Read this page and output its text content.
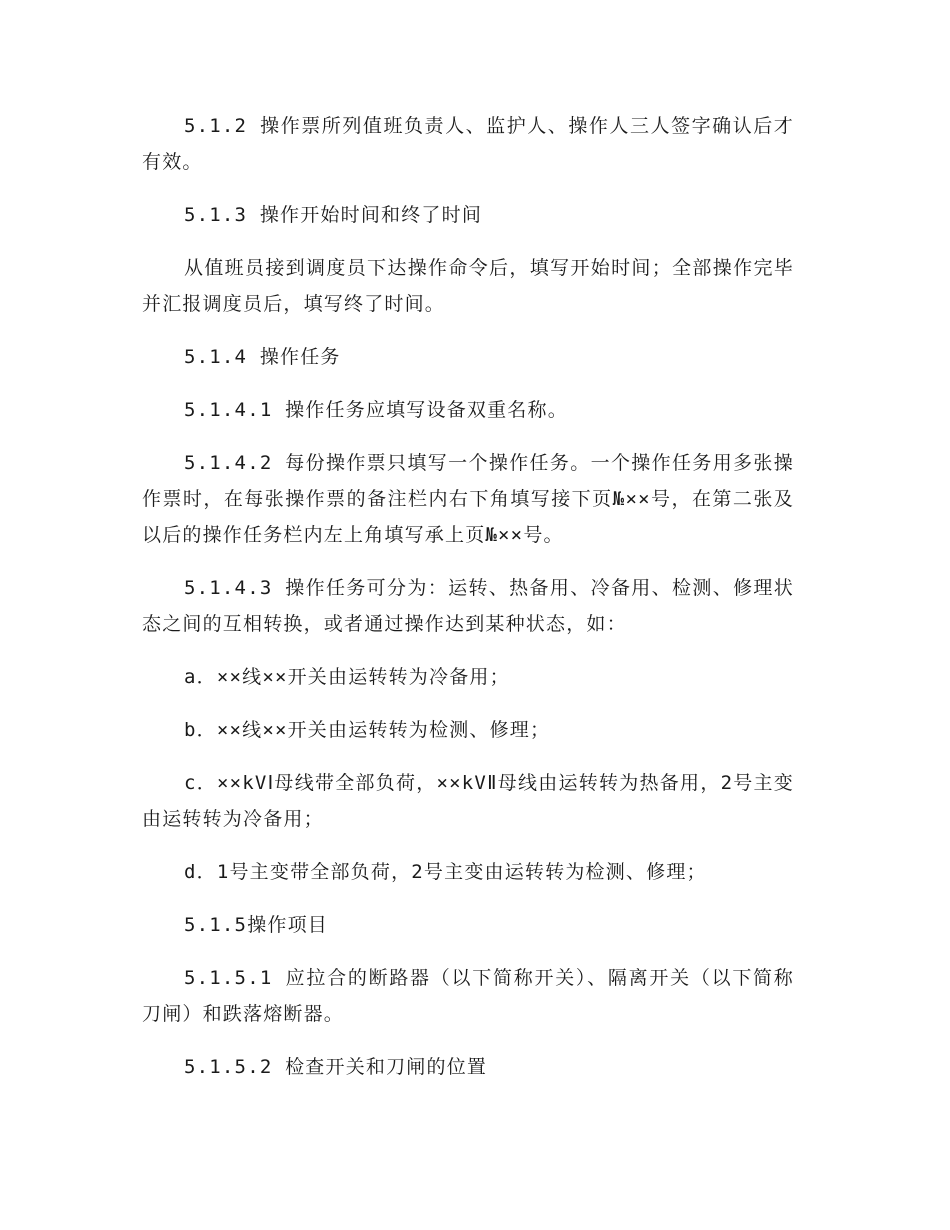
5.1.2 操作票所列值班负责人、监护人、操作人三人签字确认后才有效。

5.1.3 操作开始时间和终了时间

从值班员接到调度员下达操作命令后，填写开始时间；全部操作完毕并汇报调度员后，填写终了时间。

5.1.4 操作任务

5.1.4.1 操作任务应填写设备双重名称。

5.1.4.2 每份操作票只填写一个操作任务。一个操作任务用多张操作票时，在每张操作票的备注栏内右下角填写接下页№××号，在第二张及以后的操作任务栏内左上角填写承上页№××号。

5.1.4.3 操作任务可分为：运转、热备用、冷备用、检测、修理状态之间的互相转换，或者通过操作达到某种状态，如：

a．××线××开关由运转转为冷备用；

b．××线××开关由运转转为检测、修理；

c．××kVⅠ母线带全部负荷，××kVⅡ母线由运转转为热备用，2号主变由运转转为冷备用；

d．1号主变带全部负荷，2号主变由运转转为检测、修理；

5.1.5操作项目

5.1.5.1 应拉合的断路器（以下简称开关）、隔离开关（以下简称刀闸）和跌落熔断器。

5.1.5.2 检查开关和刀闸的位置
